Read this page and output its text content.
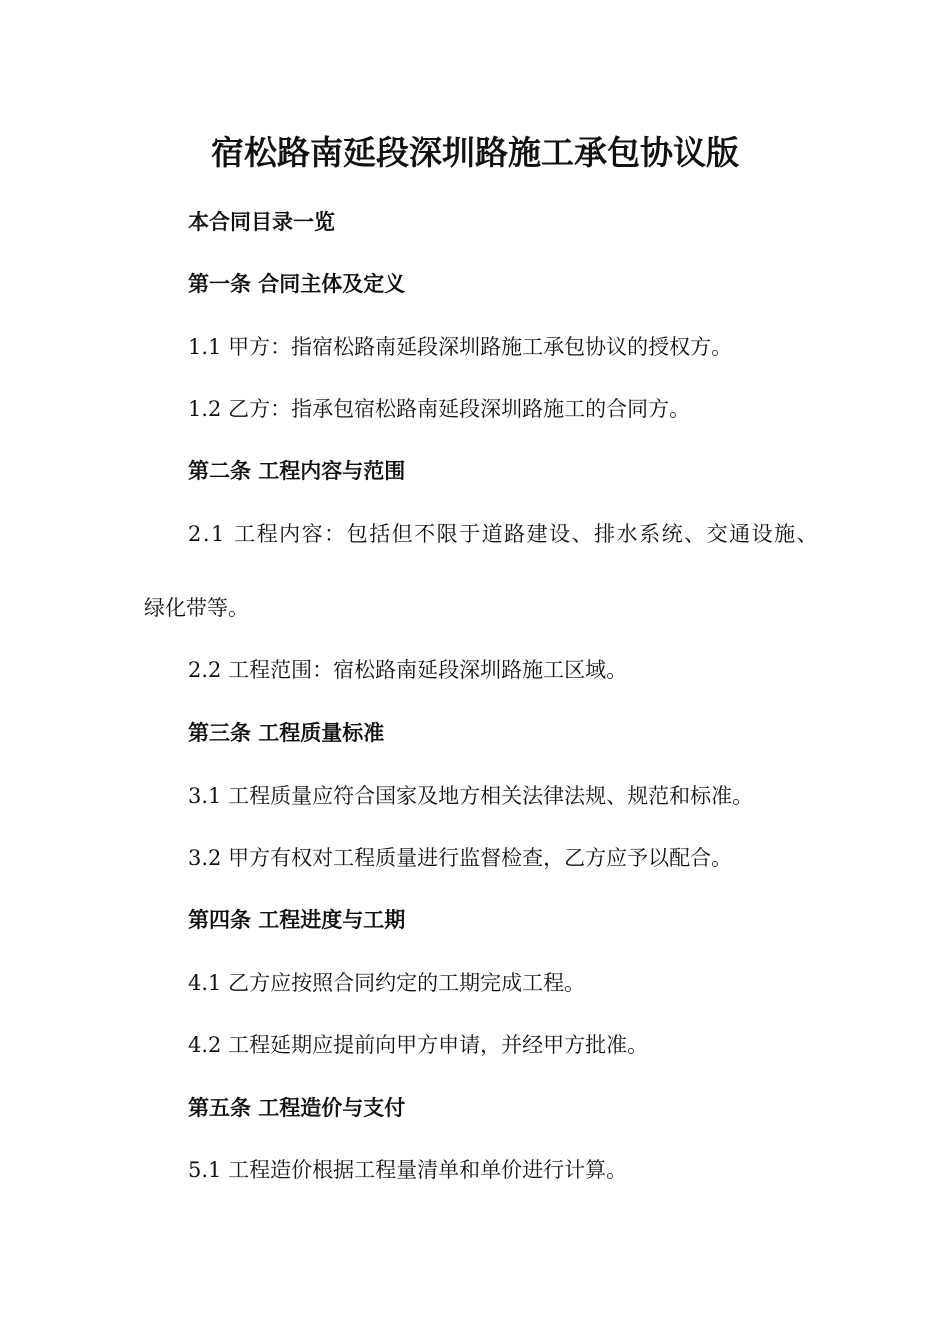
宿松路南延段深圳路施工承包协议版
本合同目录一览
第一条 合同主体及定义
1.1 甲方：指宿松路南延段深圳路施工承包协议的授权方。
1.2 乙方：指承包宿松路南延段深圳路施工的合同方。
第二条 工程内容与范围
2.1 工程内容：包括但不限于道路建设、排水系统、交通设施、
绿化带等。
2.2 工程范围：宿松路南延段深圳路施工区域。
第三条 工程质量标准
3.1 工程质量应符合国家及地方相关法律法规、规范和标准。
3.2 甲方有权对工程质量进行监督检查，乙方应予以配合。
第四条 工程进度与工期
4.1 乙方应按照合同约定的工期完成工程。
4.2 工程延期应提前向甲方申请，并经甲方批准。
第五条 工程造价与支付
5.1 工程造价根据工程量清单和单价进行计算。
